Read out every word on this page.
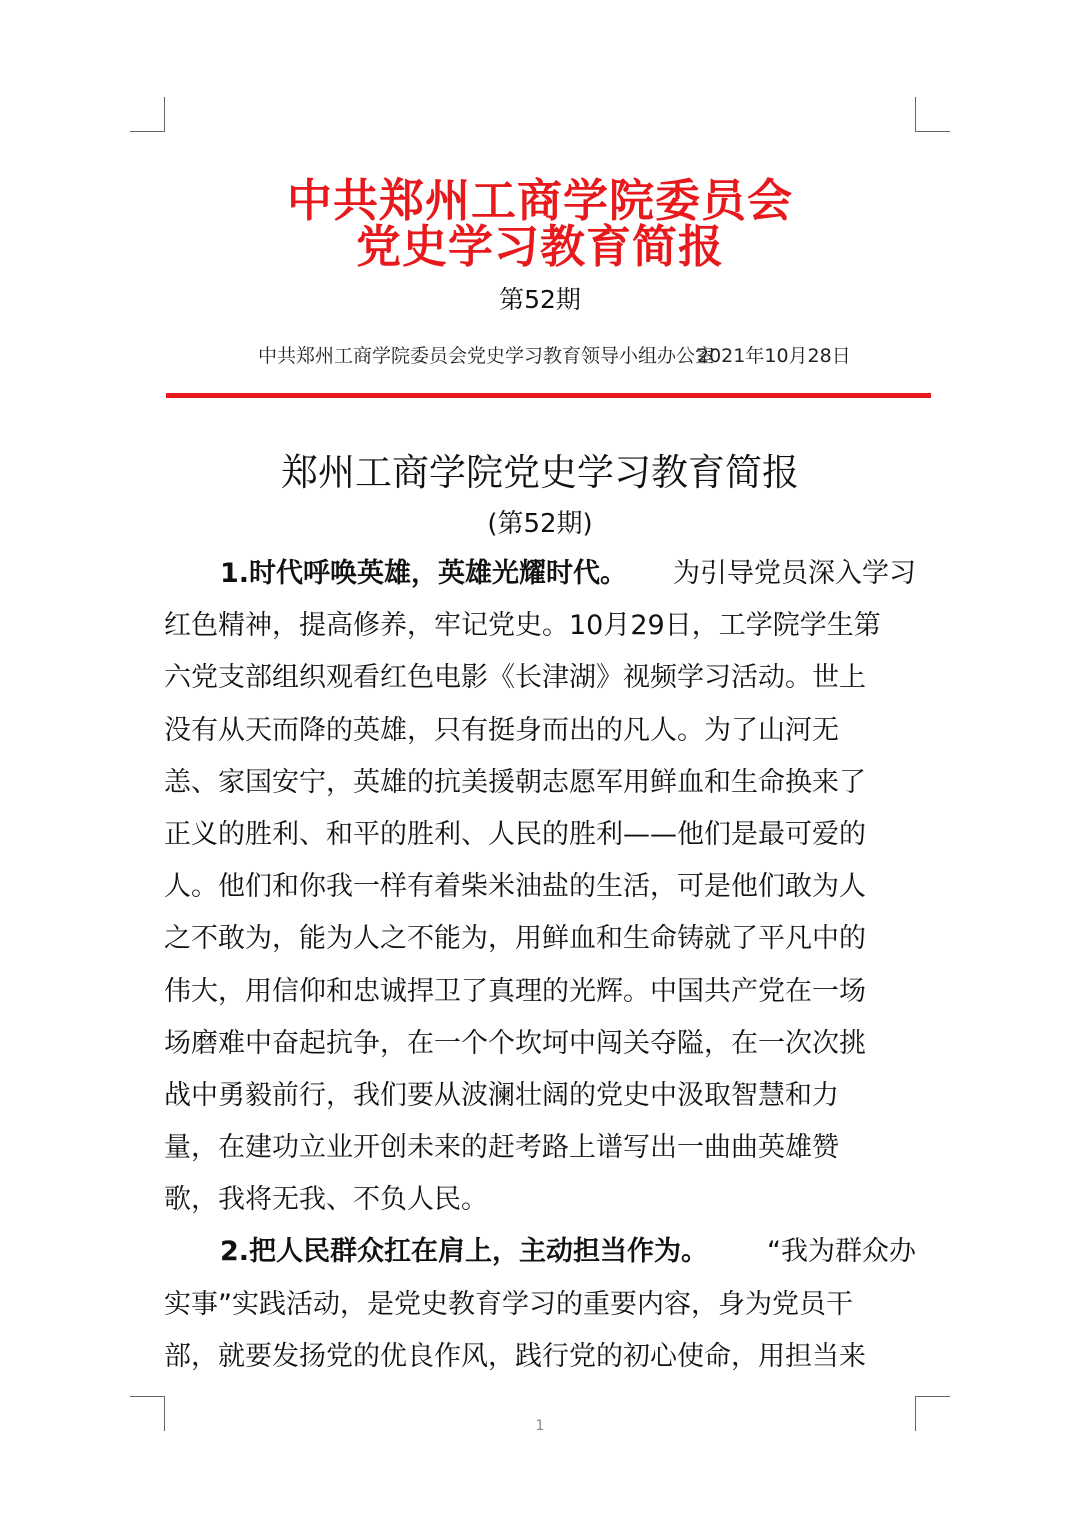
中共郑州工商学院委员会
党史学习教育简报
第52期
中共郑州工商学院委员会党史学习教育领导小组办公室
2021年10月28日
郑州工商学院党史学习教育简报
(第52期)
1.时代呼唤英雄，英雄光耀时代。 为引导党员深入学习
红色精神，提高修养，牢记党史。10月29日，工学院学生第
六党支部组织观看红色电影《长津湖》视频学习活动。世上
没有从天而降的英雄，只有挺身而出的凡人。为了山河无
恙、家国安宁，英雄的抗美援朝志愿军用鲜血和生命换来了
正义的胜利、和平的胜利、人民的胜利——他们是最可爱的
人。他们和你我一样有着柴米油盐的生活，可是他们敢为人
之不敢为，能为人之不能为，用鲜血和生命铸就了平凡中的
伟大，用信仰和忠诚捍卫了真理的光辉。中国共产党在一场
场磨难中奋起抗争，在一个个坎坷中闯关夺隘，在一次次挑
战中勇毅前行，我们要从波澜壮阔的党史中汲取智慧和力
量，在建功立业开创未来的赶考路上谱写出一曲曲英雄赞
歌，我将无我、不负人民。
2.把人民群众扛在肩上，主动担当作为。 “我为群众办
实事”实践活动，是党史教育学习的重要内容，身为党员干
部，就要发扬党的优良作风，践行党的初心使命，用担当来
1
